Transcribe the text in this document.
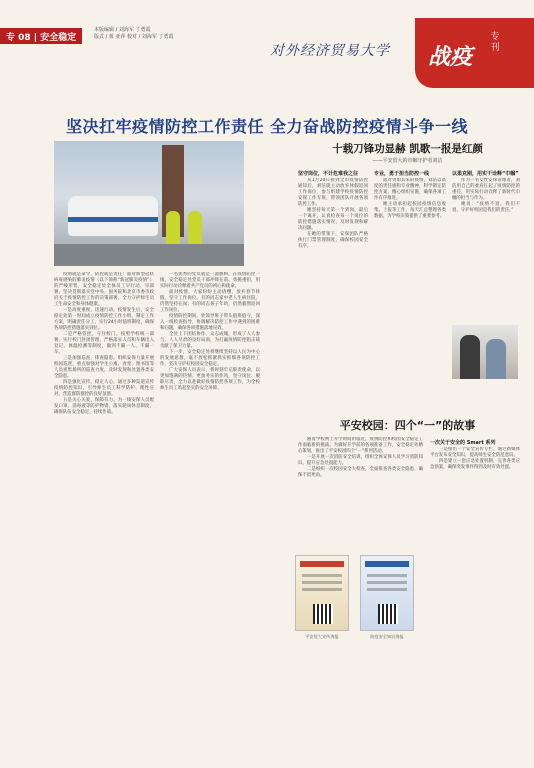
专 08 | 安全稳定
本版编辑 / 刘海军 丁勇霞
版式 / 黄 亚萍 校对 / 刘海军 丁勇霞
对外经济贸易大学 战疫
专刊
坚决扛牢疫情防控工作责任 全力奋战防控疫情斗争一线

疫情就是命令，防控就是责任！面对新型冠状病毒感染的肺炎疫情（以下简称“新冠肺炎疫情”）的严峻形势，安全稳定处全体员工早行动、早部署，坚决贯彻落实党中央、国务院和北京市委市政府关于疫情防控工作的决策部署，全力守护师生员工生命安全和身体健康。

一是高度重视，迅速行动。疫情发生后，安全稳定处第一时间成立疫情防控工作小组，制定工作方案，明确责任分工，实行24小时值班制度，确保各项防控措施落实到位。

二是严格管控，守住校门。按照学校统一部署，实行校门封闭管理，严格落实人员和车辆出入登记、体温检测等制度，做到不漏一人、不漏一车。

三是加强巡查，排查隐患。组织安保力量开展校园巡逻，重点加强对学生公寓、食堂、图书馆等人员密集场所的巡查力度，及时发现和处置各类安全隐患。

四是强化宣传，稳定人心。通过多种渠道宣传疫情防控知识，引导师生员工科学防护、理性应对，营造群防群控的良好氛围。

五是关心关爱，保障有力。为一线安保人员配发口罩、消毒液等防护物资，落实轮岗休息制度，确保队伍安全稳定、持续作战。

一名优秀的党员就是一面旗帜。在疫情防控一线，安全稳定处党员干部冲锋在前、勇挑重担，用实际行动诠释着共产党员的初心和使命。

面对疫情，大家纷纷主动请缨，放弃春节休假，坚守工作岗位。有的同志家中老人生病住院，仍然坚持在岗；有的同志孩子年幼，仍然毅然返回工作岗位。

疫情防控期间，处领导班子带头值班值守，深入一线检查指导，协调解决防控工作中遇到的困难和问题，确保各项措施落地见效。

全处上下团结协作、众志成城，形成了人人参与、人人尽责的良好局面，为打赢疫情防控阻击战贡献了保卫力量。

下一步，安全稳定处将继续坚持以人民为中心的发展思想，毫不放松抓紧抓实抓细各项防控工作，坚决守护好校园安全稳定。

广大安保人员表示，将时刻牢记职责使命，以更加饱满的热情、更加务实的作风，坚守岗位、履职尽责，全力以赴做好疫情防控各项工作，为全校师生员工筑起坚实的安全屏障。

十载刀锋功显赫 凯歌一报是红颜
——平安贸大的巾帼守护者刘洁
坚守岗位，不计危难我之往

从1月20日接到全市疫情防控通知后，刘洁就主动放弃休假返回工作岗位，参与组建学校疫情防控安保工作专班，带领团队开展各项防控工作。

她坚持每天第一个到岗、最后一个离开，认真检查每一个岗位的防控措施落实情况，及时发现和解决问题。

在她的带领下，安保团队严格执行门禁管理制度，确保校园安全有序。

专业，勇于担当防控一线

面对突如其来的疫情，刘洁以高度的责任感和专业精神，科学制定防控方案，精心组织实施，确保各项工作有序推进。

她主动承担起校园疫情信息收集、上报等工作，每天汇总整理各类数据，为学校决策提供了重要参考。

以柔克刚，用实干诠释“巾帼”

作为一名女性安保管理者，刘洁用自己的柔肩扛起了疫情防控的重任，用实际行动诠释了新时代巾帼的担当与作为。

她说：“疫情不退，我们不退，守护好校园是我们的责任。”

平安校园：四个“一”的故事

随着学校网上开学时间的临近，疫情防控和校园安全稳定工作面临新的挑战。为做好开学前的各项准备工作，安全稳定处精心策划，推出了平安校园四个“一”系列活动。

一是开展一次消防安全培训，组织全体安保人员学习消防知识，提升应急处置能力。

二是组织一次校园安全大检查，全面排查各类安全隐患，确保不留死角。

一次关于安全的 Smart 系列

三是推出一个安全宣传专栏，通过新媒体平台发布安全知识，提高师生安全防范意识。

四是建立一套应急处置机制，完善各类应急预案，确保突发事件得到及时有效处置。

平安贸大宣传海报	防疫安全知识海报
